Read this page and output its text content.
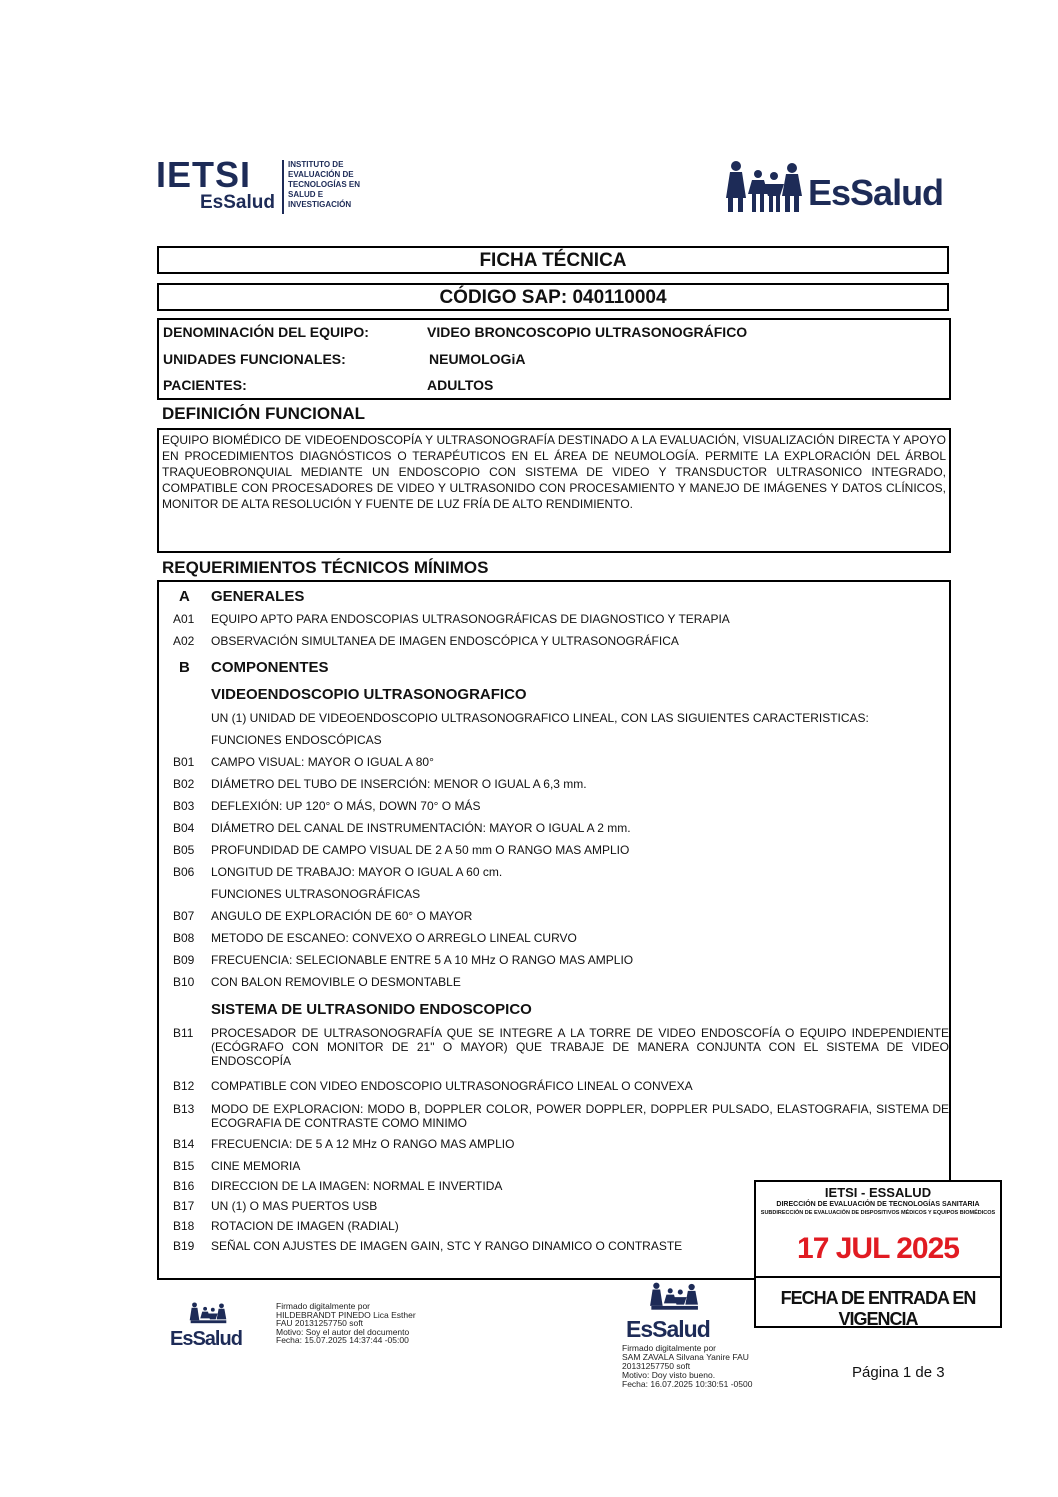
IETSI
EsSalud
INSTITUTO DE
EVALUACIÓN DE
TECNOLOGÍAS EN
SALUD E
INVESTIGACIÓN	EsSalud
FICHA TÉCNICA
CÓDIGO SAP: 040110004
DENOMINACIÓN DEL EQUIPO:	VIDEO BRONCOSCOPIO ULTRASONOGRÁFICO
UNIDADES FUNCIONALES:	NEUMOLOGiA
PACIENTES:	ADULTOS
DEFINICIÓN FUNCIONAL
EQUIPO BIOMÉDICO DE VIDEOENDOSCOPÍA Y ULTRASONOGRAFÍA DESTINADO A LA EVALUACIÓN, VISUALIZACIÓN DIRECTA Y APOYO EN PROCEDIMIENTOS DIAGNÓSTICOS O TERAPÉUTICOS EN EL ÁREA DE NEUMOLOGÍA. PERMITE LA EXPLORACIÓN DEL ÁRBOL TRAQUEOBRONQUIAL MEDIANTE UN ENDOSCOPIO CON SISTEMA DE VIDEO Y TRANSDUCTOR ULTRASONICO INTEGRADO, COMPATIBLE CON PROCESADORES DE VIDEO Y ULTRASONIDO CON PROCESAMIENTO Y MANEJO DE IMÁGENES Y DATOS CLÍNICOS, MONITOR DE ALTA RESOLUCIÓN Y FUENTE DE LUZ FRÍA DE ALTO RENDIMIENTO.
REQUERIMIENTOS TÉCNICOS MÍNIMOS
A GENERALES
A01 EQUIPO APTO PARA ENDOSCOPIAS ULTRASONOGRÁFICAS DE DIAGNOSTICO Y TERAPIA
A02 OBSERVACIÓN SIMULTANEA DE IMAGEN ENDOSCÓPICA Y ULTRASONOGRÁFICA
B COMPONENTES
VIDEOENDOSCOPIO ULTRASONOGRAFICO
UN (1) UNIDAD DE VIDEOENDOSCOPIO ULTRASONOGRAFICO LINEAL, CON LAS SIGUIENTES CARACTERISTICAS:
FUNCIONES ENDOSCÓPICAS
B01 CAMPO VISUAL: MAYOR O IGUAL A 80°
B02 DIÁMETRO DEL TUBO DE INSERCIÓN: MENOR O IGUAL A 6,3 mm.
B03 DEFLEXIÓN: UP 120° O MÁS, DOWN 70° O MÁS
B04 DIÁMETRO DEL CANAL DE INSTRUMENTACIÓN: MAYOR O IGUAL A 2 mm.
B05 PROFUNDIDAD DE CAMPO VISUAL DE 2 A 50 mm O RANGO MAS AMPLIO
B06 LONGITUD DE TRABAJO: MAYOR O IGUAL A 60 cm.
FUNCIONES ULTRASONOGRÁFICAS
B07 ANGULO DE EXPLORACIÓN DE 60° O MAYOR
B08 METODO DE ESCANEO: CONVEXO O ARREGLO LINEAL CURVO
B09 FRECUENCIA: SELECIONABLE ENTRE 5 A 10 MHz O RANGO MAS AMPLIO
B10 CON BALON REMOVIBLE O DESMONTABLE
SISTEMA DE ULTRASONIDO ENDOSCOPICO
B11 PROCESADOR DE ULTRASONOGRAFÍA QUE SE INTEGRE A LA TORRE DE VIDEO ENDOSCOFÍA O EQUIPO INDEPENDIENTE (ECÓGRAFO CON MONITOR DE 21" O MAYOR) QUE TRABAJE DE MANERA CONJUNTA CON EL SISTEMA DE VIDEO ENDOSCOPÍA
B12 COMPATIBLE CON VIDEO ENDOSCOPIO ULTRASONOGRÁFICO LINEAL O CONVEXA
B13 MODO DE EXPLORACION: MODO B, DOPPLER COLOR, POWER DOPPLER, DOPPLER PULSADO, ELASTOGRAFIA, SISTEMA DE ECOGRAFIA DE CONTRASTE COMO MINIMO
B14 FRECUENCIA: DE 5 A 12 MHz O RANGO MAS AMPLIO
B15 CINE MEMORIA
B16 DIRECCION DE LA IMAGEN: NORMAL E INVERTIDA
B17 UN (1) O MAS PUERTOS USB
B18 ROTACION DE IMAGEN (RADIAL)
B19 SEÑAL CON AJUSTES DE IMAGEN GAIN, STC Y RANGO DINAMICO O CONTRASTE
IETSI - ESSALUD
DIRECCIÓN DE EVALUACIÓN DE TECNOLOGÍAS SANITARIA
SUBDIRECCIÓN DE EVALUACIÓN DE DISPOSITIVOS MÉDICOS Y EQUIPOS BIOMÉDICOS
17 JUL 2025
FECHA DE ENTRADA EN VIGENCIA
EsSalud
Firmado digitalmente por
HILDEBRANDT PINEDO Lica Esther
FAU 20131257750 soft
Motivo: Soy el autor del documento
Fecha: 15.07.2025 14:37:44 -05:00	EsSalud
Firmado digitalmente por
SAM ZAVALA Silvana Yanire FAU
20131257750 soft
Motivo: Doy visto bueno.
Fecha: 16.07.2025 10:30:51 -0500
Página 1 de 3
